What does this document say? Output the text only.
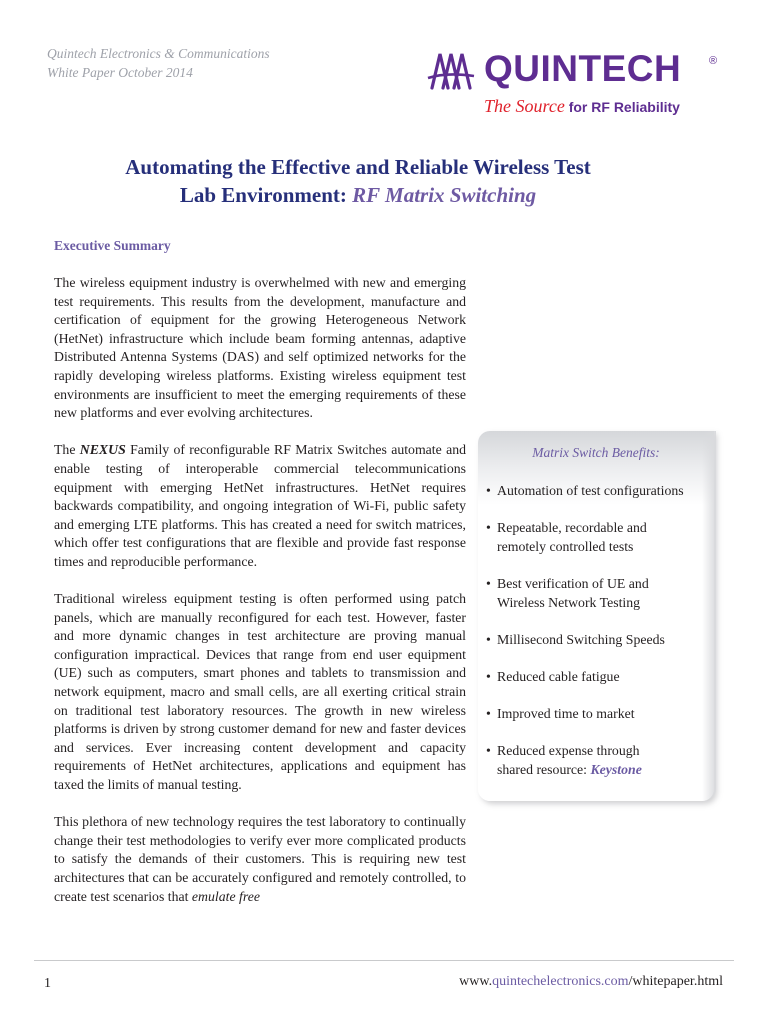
Quintech Electronics & Communications
White Paper October 2014	QUINTECH	®
The Source for RF Reliability
Automating the Effective and Reliable Wireless Test
Lab Environment: RF Matrix Switching
Executive Summary

The wireless equipment industry is overwhelmed with new and emerging test requirements. This results from the development, manufacture and certification of equipment for the growing Heterogeneous Network (HetNet) infrastructure which include beam forming antennas, adaptive Distributed Antenna Systems (DAS) and self optimized networks for the rapidly developing wireless platforms. Existing wireless equipment test environments are insufficient to meet the emerging requirements of these new platforms and ever evolving architectures.

The NEXUS Family of reconfigurable RF Matrix Switches automate and enable testing of interoperable commercial telecommunications equipment with emerging HetNet infrastructures. HetNet requires backwards compatibility, and ongoing integration of Wi-Fi, public safety and emerging LTE platforms. This has created a need for switch matrices, which offer test configurations that are flexible and provide fast response times and reproducible performance.

Traditional wireless equipment testing is often performed using patch panels, which are manually reconfigured for each test. However, faster and more dynamic changes in test architecture are proving manual configuration impractical. Devices that range from end user equipment (UE) such as computers, smart phones and tablets to transmission and network equipment, macro and small cells, are all exerting critical strain on traditional test laboratory resources. The growth in new wireless platforms is driven by strong customer demand for new and faster devices and services. Ever increasing content development and capacity requirements of HetNet architectures, applications and equipment has taxed the limits of manual testing.

This plethora of new technology requires the test laboratory to continually change their test methodologies to verify ever more complicated products to satisfy the demands of their customers. This is requiring new test architectures that can be accurately configured and remotely controlled, to create test scenarios that emulate free

Matrix Switch Benefits:
• Automation of test configurations
• Repeatable, recordable and
remotely controlled tests
• Best verification of UE and
Wireless Network Testing
• Millisecond Switching Speeds
• Reduced cable fatigue
• Improved time to market
• Reduced expense through
shared resource: Keystone
1	www.quintechelectronics.com/whitepaper.html
